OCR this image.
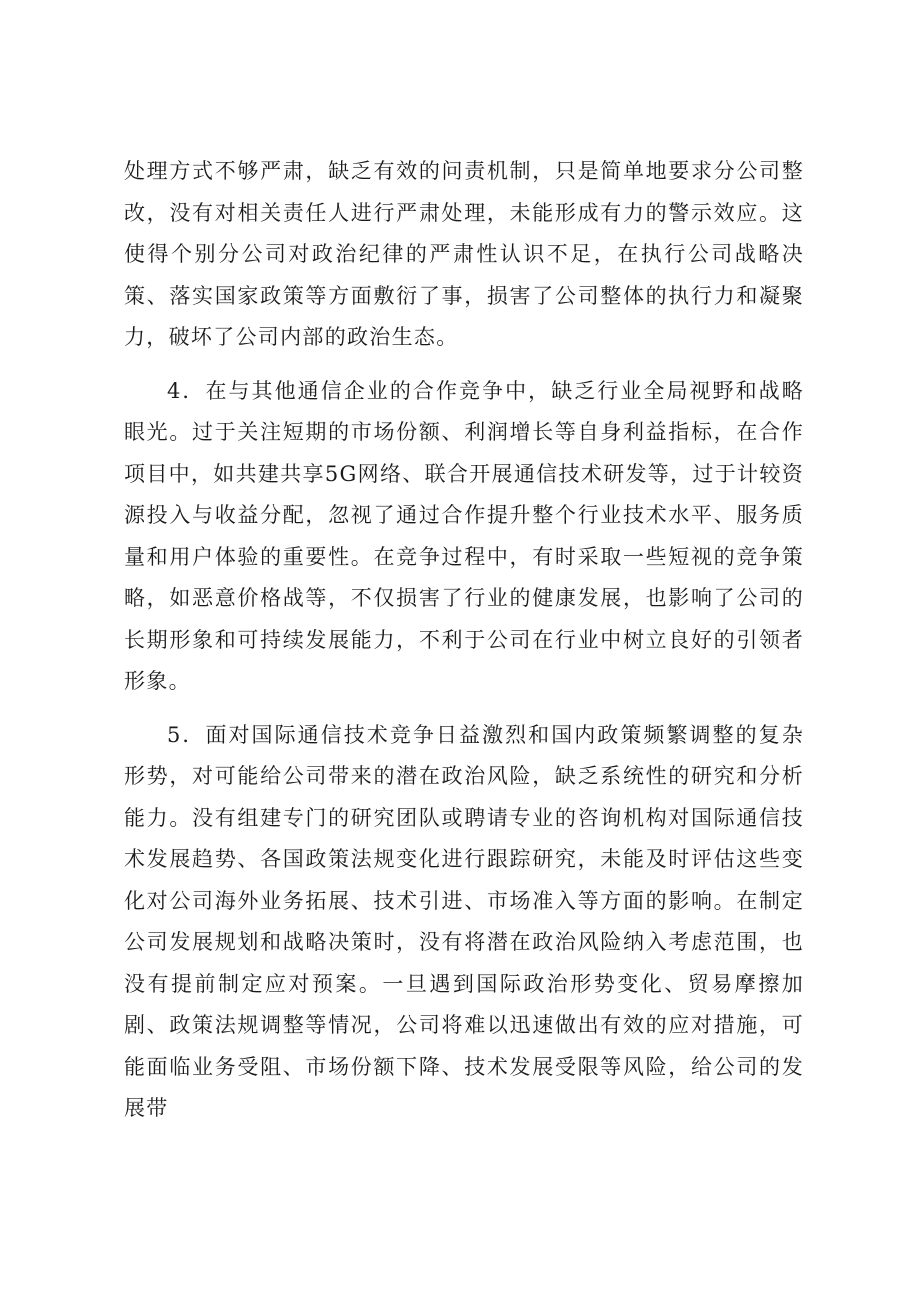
处理方式不够严肃，缺乏有效的问责机制，只是简单地要求分公司整改，没有对相关责任人进行严肃处理，未能形成有力的警示效应。这使得个别分公司对政治纪律的严肃性认识不足，在执行公司战略决策、落实国家政策等方面敷衍了事，损害了公司整体的执行力和凝聚力，破坏了公司内部的政治生态。

4．在与其他通信企业的合作竞争中，缺乏行业全局视野和战略眼光。过于关注短期的市场份额、利润增长等自身利益指标，在合作项目中，如共建共享5G网络、联合开展通信技术研发等，过于计较资源投入与收益分配，忽视了通过合作提升整个行业技术水平、服务质量和用户体验的重要性。在竞争过程中，有时采取一些短视的竞争策略，如恶意价格战等，不仅损害了行业的健康发展，也影响了公司的长期形象和可持续发展能力，不利于公司在行业中树立良好的引领者形象。

5．面对国际通信技术竞争日益激烈和国内政策频繁调整的复杂形势，对可能给公司带来的潜在政治风险，缺乏系统性的研究和分析能力。没有组建专门的研究团队或聘请专业的咨询机构对国际通信技术发展趋势、各国政策法规变化进行跟踪研究，未能及时评估这些变化对公司海外业务拓展、技术引进、市场准入等方面的影响。在制定公司发展规划和战略决策时，没有将潜在政治风险纳入考虑范围，也没有提前制定应对预案。一旦遇到国际政治形势变化、贸易摩擦加剧、政策法规调整等情况，公司将难以迅速做出有效的应对措施，可能面临业务受阻、市场份额下降、技术发展受限等风险，给公司的发展带
